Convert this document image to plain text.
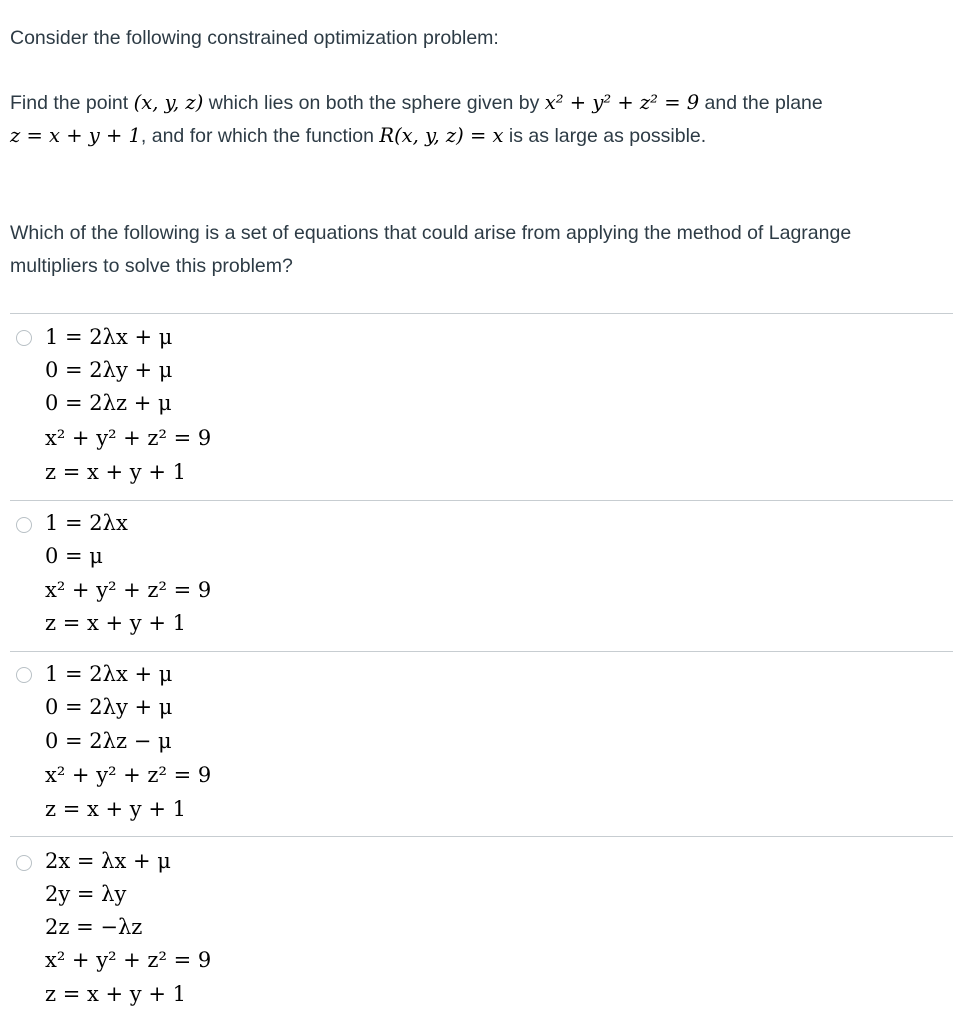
Consider the following constrained optimization problem:
Find the point (x, y, z) which lies on both the sphere given by x² + y² + z² = 9 and the plane
z = x + y + 1, and for which the function R(x, y, z) = x is as large as possible.
Which of the following is a set of equations that could arise from applying the method of Lagrange
multipliers to solve this problem?
1 = 2λx + μ
0 = 2λy + μ
0 = 2λz + μ
x² + y² + z² = 9
z = x + y + 1
1 = 2λx
0 = μ
x² + y² + z² = 9
z = x + y + 1
1 = 2λx + μ
0 = 2λy + μ
0 = 2λz − μ
x² + y² + z² = 9
z = x + y + 1
2x = λx + μ
2y = λy
2z = −λz
x² + y² + z² = 9
z = x + y + 1
